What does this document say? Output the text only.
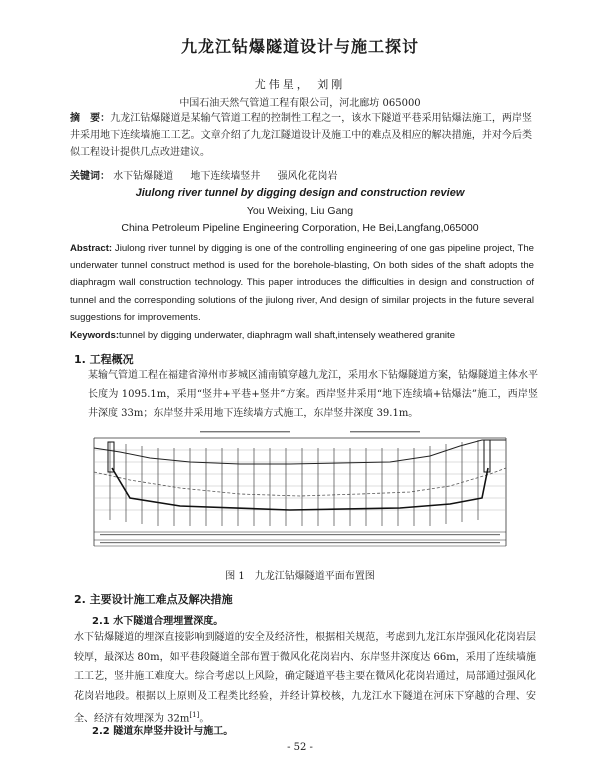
九龙江钻爆隧道设计与施工探讨
尤伟星， 刘刚
中国石油天然气管道工程有限公司，河北廊坊 065000
摘　要：九龙江钻爆隧道是某输气管道工程的控制性工程之一，该水下隧道平巷采用钻爆法施工，两岸竖井采用地下连续墙施工工艺。文章介绍了九龙江隧道设计及施工中的难点及相应的解决措施，并对今后类似工程设计提供几点改进建议。
关键词： 水下钻爆隧道 地下连续墙竖井 强风化花岗岩
Jiulong river tunnel by digging design and construction review
You Weixing, Liu Gang
China Petroleum Pipeline Engineering Corporation, He Bei,Langfang,065000
Abstract: Jiulong river tunnel by digging is one of the controlling engineering of one gas pipeline project, The underwater tunnel construct method is used for the borehole-blasting, On both sides of the shaft adopts the diaphragm wall construction technology. This paper introduces the difficulties in design and construction of tunnel and the corresponding solutions of the jiulong river, And design of similar projects in the future several suggestions for improvements.
Keywords:tunnel by digging underwater, diaphragm wall shaft,intensely weathered granite
1. 工程概况
某输气管道工程在福建省漳州市芗城区浦南镇穿越九龙江，采用水下钻爆隧道方案，钻爆隧道主体水平长度为 1095.1m，采用“竖井+平巷+竖井”方案。西岸竖井采用“地下连续墙+钻爆法”施工，西岸竖井深度 33m；东岸竖井采用地下连续墙方式施工，东岸竖井深度 39.1m。
图 1　九龙江钻爆隧道平面布置图
2. 主要设计施工难点及解决措施
2.1 水下隧道合理埋置深度。
水下钻爆隧道的埋深直接影响到隧道的安全及经济性，根据相关规范，考虑到九龙江东岸强风化花岗岩层较厚，最深达 80m，如平巷段隧道全部布置于微风化花岗岩内、东岸竖井深度达 66m，采用了连续墙施工工艺，竖井施工难度大。综合考虑以上风险，确定隧道平巷主要在微风化花岗岩通过，局部通过强风化花岗岩地段。根据以上原则及工程类比经验，并经计算校核，九龙江水下隧道在河床下穿越的合理、安全、经济有效埋深为 32m[1]。
2.2 隧道东岸竖井设计与施工。
- 52 -
